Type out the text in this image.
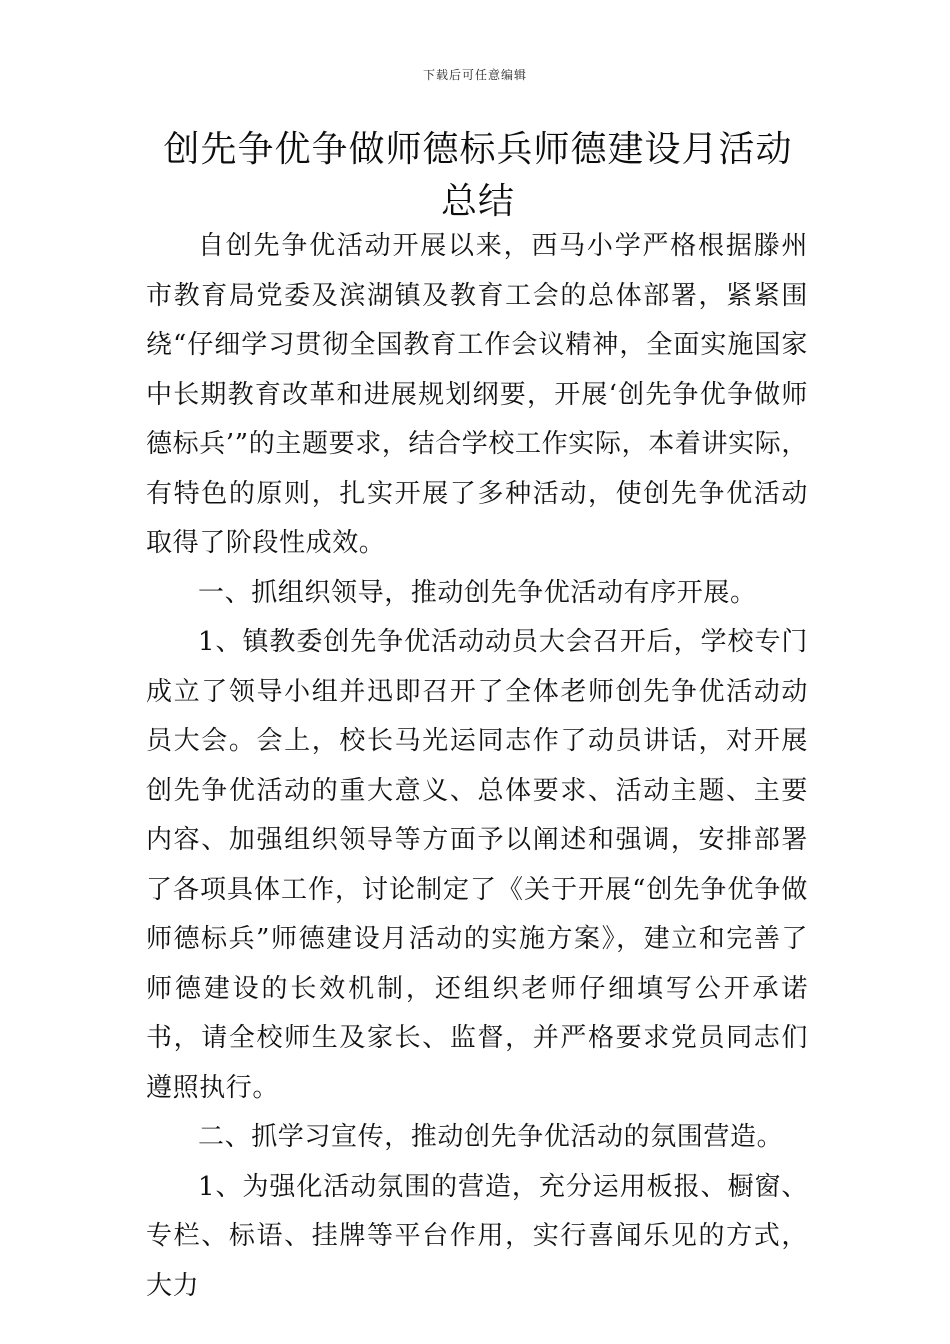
下载后可任意编辑
创先争优争做师德标兵师德建设月活动总结

自创先争优活动开展以来，西马小学严格根据滕州市教育局党委及滨湖镇及教育工会的总体部署，紧紧围绕“仔细学习贯彻全国教育工作会议精神，全面实施国家中长期教育改革和进展规划纲要，开展‘创先争优争做师德标兵’”的主题要求，结合学校工作实际，本着讲实际，有特色的原则，扎实开展了多种活动，使创先争优活动取得了阶段性成效。

一、抓组织领导，推动创先争优活动有序开展。

1、镇教委创先争优活动动员大会召开后，学校专门成立了领导小组并迅即召开了全体老师创先争优活动动员大会。会上，校长马光运同志作了动员讲话，对开展创先争优活动的重大意义、总体要求、活动主题、主要内容、加强组织领导等方面予以阐述和强调，安排部署了各项具体工作，讨论制定了《关于开展“创先争优争做师德标兵”师德建设月活动的实施方案》，建立和完善了师德建设的长效机制，还组织老师仔细填写公开承诺书，请全校师生及家长、监督，并严格要求党员同志们遵照执行。

二、抓学习宣传，推动创先争优活动的氛围营造。

1、为强化活动氛围的营造，充分运用板报、橱窗、专栏、标语、挂牌等平台作用，实行喜闻乐见的方式，大力
